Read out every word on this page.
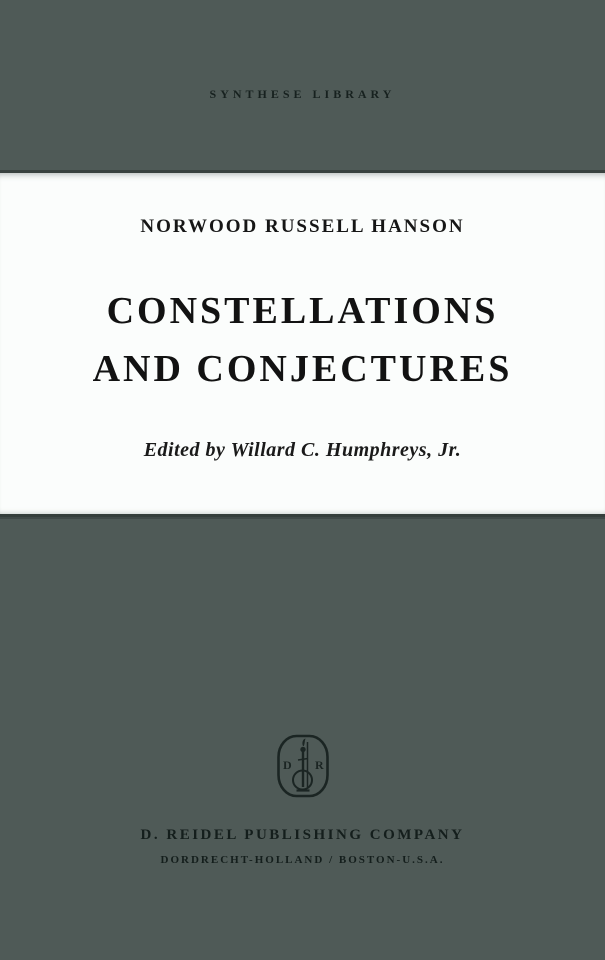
SYNTHESE LIBRARY
NORWOOD RUSSELL HANSON
CONSTELLATIONS
AND CONJECTURES
Edited by Willard C. Humphreys, Jr.
D R
D. REIDEL PUBLISHING COMPANY
DORDRECHT-HOLLAND / BOSTON-U.S.A.
